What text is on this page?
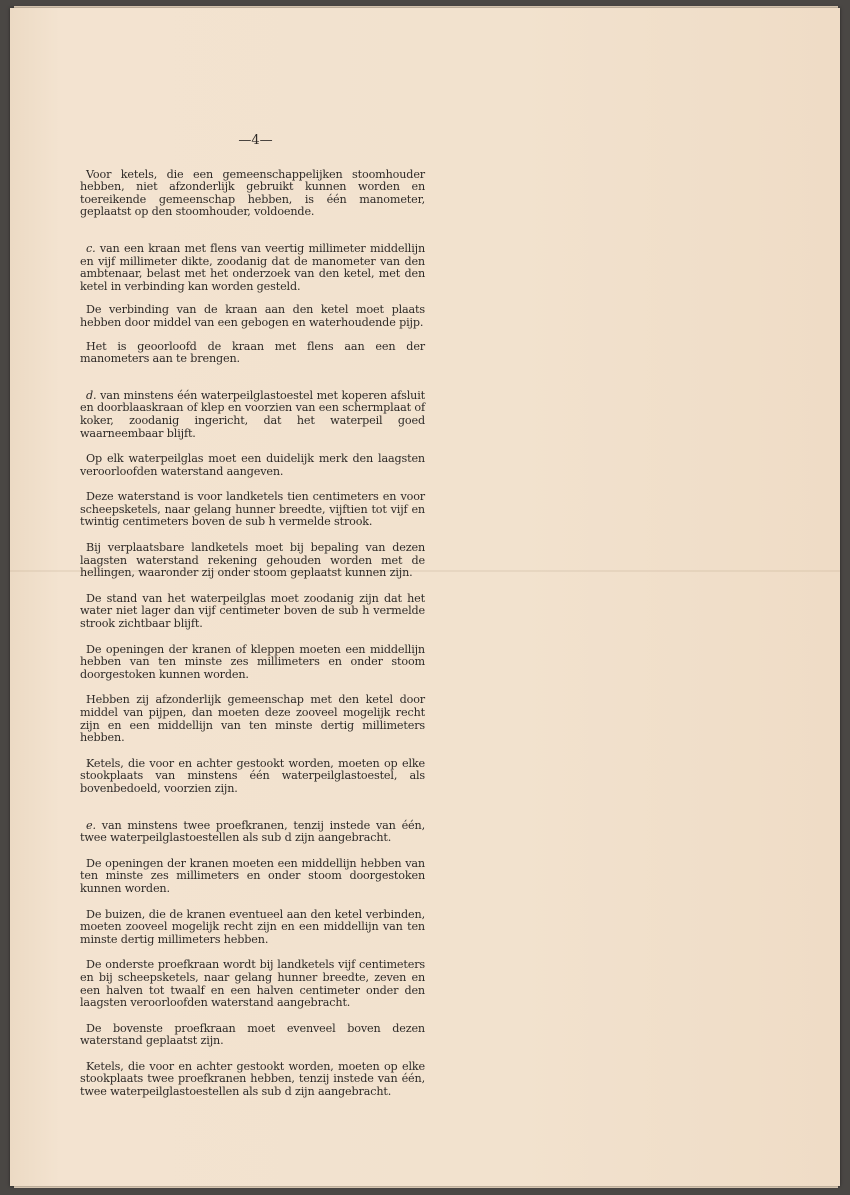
—4—

Voor ketels, die een gemeenschappelijken stoomhouder hebben, niet afzonderlijk gebruikt kunnen worden en toereikende gemeenschap hebben, is één manometer, geplaatst op den stoomhouder, voldoende.

c. van een kraan met flens van veertig millimeter middellijn en vijf millimeter dikte, zoodanig dat de manometer van den ambtenaar, belast met het onderzoek van den ketel, met den ketel in verbinding kan worden gesteld.

De verbinding van de kraan aan den ketel moet plaats hebben door middel van een gebogen en waterhoudende pijp.

Het is geoorloofd de kraan met flens aan een der manometers aan te brengen.

d. van minstens één waterpeilglastoestel met koperen afsluit en doorblaaskraan of klep en voorzien van een schermplaat of koker, zoodanig ingericht, dat het waterpeil goed waarneembaar blijft.

Op elk waterpeilglas moet een duidelijk merk den laagsten veroorloofden waterstand aangeven.

Deze waterstand is voor landketels tien centimeters en voor scheepsketels, naar gelang hunner breedte, vijftien tot vijf en twintig centimeters boven de sub h vermelde strook.

Bij verplaatsbare landketels moet bij bepaling van dezen laagsten waterstand rekening gehouden worden met de hellingen, waaronder zij onder stoom geplaatst kunnen zijn.

De stand van het waterpeilglas moet zoodanig zijn dat het water niet lager dan vijf centimeter boven de sub h vermelde strook zichtbaar blijft.

De openingen der kranen of kleppen moeten een middellijn hebben van ten minste zes millimeters en onder stoom doorgestoken kunnen worden.

Hebben zij afzonderlijk gemeenschap met den ketel door middel van pijpen, dan moeten deze zooveel mogelijk recht zijn en een middellijn van ten minste dertig millimeters hebben.

Ketels, die voor en achter gestookt worden, moeten op elke stookplaats van minstens één waterpeilglastoestel, als bovenbedoeld, voorzien zijn.

e. van minstens twee proefkranen, tenzij instede van één, twee waterpeilglastoestellen als sub d zijn aangebracht.

De openingen der kranen moeten een middellijn hebben van ten minste zes millimeters en onder stoom doorgestoken kunnen worden.

De buizen, die de kranen eventueel aan den ketel verbinden, moeten zooveel mogelijk recht zijn en een middellijn van ten minste dertig millimeters hebben.

De onderste proefkraan wordt bij landketels vijf centimeters en bij scheepsketels, naar gelang hunner breedte, zeven en een halven tot twaalf en een halven centimeter onder den laagsten veroorloofden waterstand aangebracht.

De bovenste proefkraan moet evenveel boven dezen waterstand geplaatst zijn.

Ketels, die voor en achter gestookt worden, moeten op elke stookplaats twee proefkranen hebben, tenzij instede van één, twee waterpeilglastoestellen als sub d zijn aangebracht.
